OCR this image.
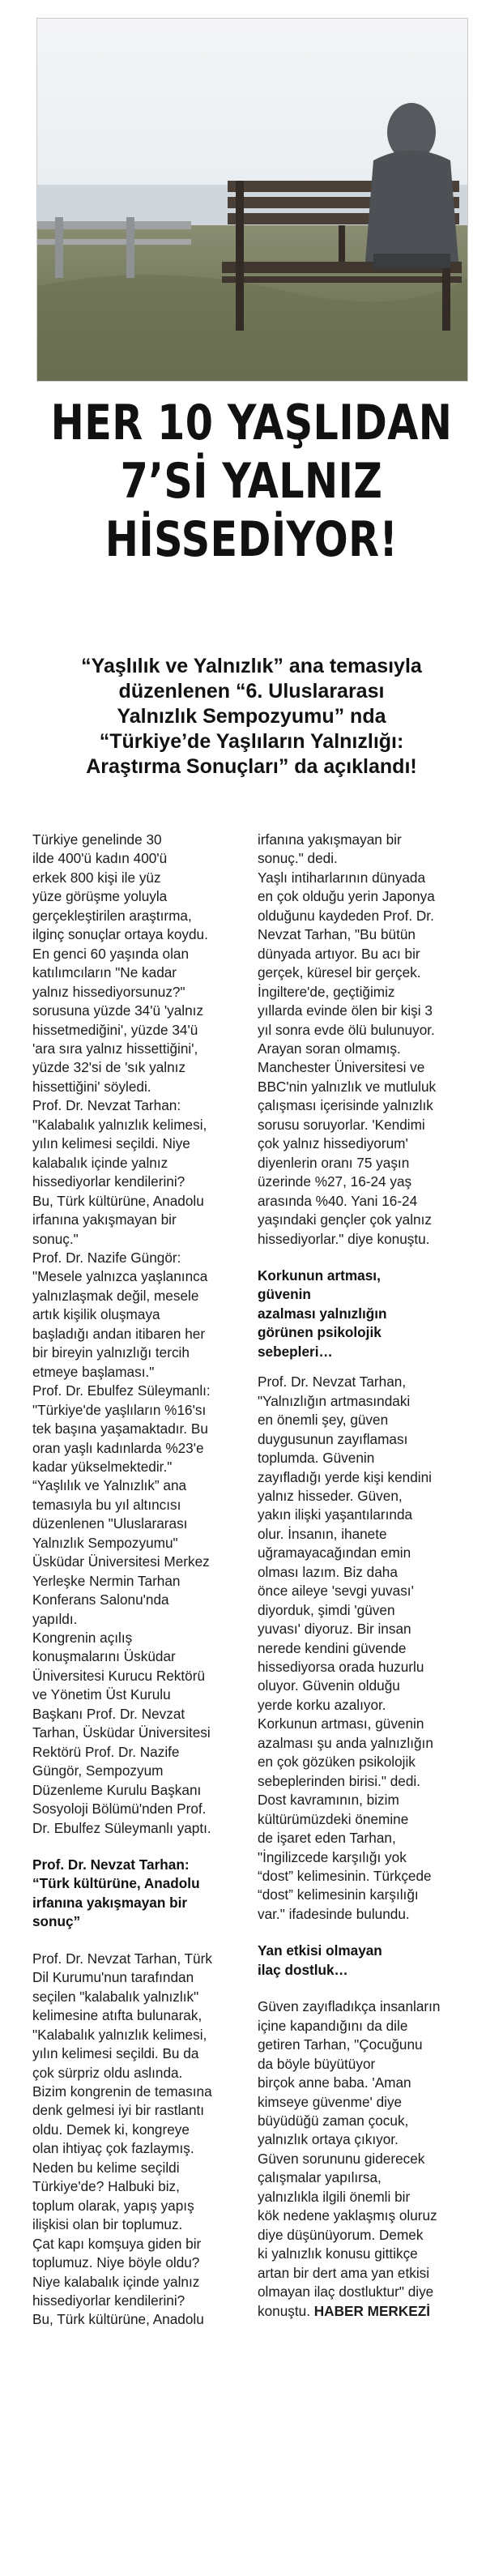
HER 10 YAŞLIDAN
7’Sİ YALNIZ
HİSSEDİYOR!
“Yaşlılık ve Yalnızlık” ana temasıyla
düzenlenen “6. Uluslararası
Yalnızlık Sempozyumu” nda
“Türkiye’de Yaşlıların Yalnızlığı:
Araştırma Sonuçları” da açıklandı!
Türkiye genelinde 30
ilde 400'ü kadın 400'ü
erkek 800 kişi ile yüz
yüze görüşme yoluyla
gerçekleştirilen araştırma,
ilginç sonuçlar ortaya koydu.
En genci 60 yaşında olan
katılımcıların "Ne kadar
yalnız hissediyorsunuz?"
sorusuna yüzde 34'ü 'yalnız
hissetmediğini', yüzde 34'ü
'ara sıra yalnız hissettiğini',
yüzde 32'si de 'sık yalnız
hissettiğini' söyledi.
Prof. Dr. Nevzat Tarhan:
"Kalabalık yalnızlık kelimesi,
yılın kelimesi seçildi. Niye
kalabalık içinde yalnız
hissediyorlar kendilerini?
Bu, Türk kültürüne, Anadolu
irfanına yakışmayan bir
sonuç."
Prof. Dr. Nazife Güngör:
"Mesele yalnızca yaşlanınca
yalnızlaşmak değil, mesele
artık kişilik oluşmaya
başladığı andan itibaren her
bir bireyin yalnızlığı tercih
etmeye başlaması."
Prof. Dr. Ebulfez Süleymanlı:
"Türkiye'de yaşlıların %16'sı
tek başına yaşamaktadır. Bu
oran yaşlı kadınlarda %23'e
kadar yükselmektedir."
“Yaşlılık ve Yalnızlık” ana
temasıyla bu yıl altıncısı
düzenlenen "Uluslararası
Yalnızlık Sempozyumu"
Üsküdar Üniversitesi Merkez
Yerleşke Nermin Tarhan
Konferans Salonu'nda
yapıldı.
Kongrenin açılış
konuşmalarını Üsküdar
Üniversitesi Kurucu Rektörü
ve Yönetim Üst Kurulu
Başkanı Prof. Dr. Nevzat
Tarhan, Üsküdar Üniversitesi
Rektörü Prof. Dr. Nazife
Güngör, Sempozyum
Düzenleme Kurulu Başkanı
Sosyoloji Bölümü'nden Prof.
Dr. Ebulfez Süleymanlı yaptı.
Prof. Dr. Nevzat Tarhan:
“Türk kültürüne, Anadolu
irfanına yakışmayan bir
sonuç”
Prof. Dr. Nevzat Tarhan, Türk
Dil Kurumu'nun tarafından
seçilen "kalabalık yalnızlık"
kelimesine atıfta bulunarak,
"Kalabalık yalnızlık kelimesi,
yılın kelimesi seçildi. Bu da
çok sürpriz oldu aslında.
Bizim kongrenin de temasına
denk gelmesi iyi bir rastlantı
oldu. Demek ki, kongreye
olan ihtiyaç çok fazlaymış.
Neden bu kelime seçildi
Türkiye'de? Halbuki biz,
toplum olarak, yapış yapış
ilişkisi olan bir toplumuz.
Çat kapı komşuya giden bir
toplumuz. Niye böyle oldu?
Niye kalabalık içinde yalnız
hissediyorlar kendilerini?
Bu, Türk kültürüne, Anadolu
irfanına yakışmayan bir
sonuç." dedi.
Yaşlı intiharlarının dünyada
en çok olduğu yerin Japonya
olduğunu kaydeden Prof. Dr.
Nevzat Tarhan, "Bu bütün
dünyada artıyor. Bu acı bir
gerçek, küresel bir gerçek.
İngiltere'de, geçtiğimiz
yıllarda evinde ölen bir kişi 3
yıl sonra evde ölü bulunuyor.
Arayan soran olmamış.
Manchester Üniversitesi ve
BBC'nin yalnızlık ve mutluluk
çalışması içerisinde yalnızlık
sorusu soruyorlar. 'Kendimi
çok yalnız hissediyorum'
diyenlerin oranı 75 yaşın
üzerinde %27, 16-24 yaş
arasında %40. Yani 16-24
yaşındaki gençler çok yalnız
hissediyorlar." diye konuştu.
Korkunun artması,
güvenin
azalması yalnızlığın
görünen psikolojik
sebepleri…
Prof. Dr. Nevzat Tarhan,
"Yalnızlığın artmasındaki
en önemli şey, güven
duygusunun zayıflaması
toplumda. Güvenin
zayıfladığı yerde kişi kendini
yalnız hisseder. Güven,
yakın ilişki yaşantılarında
olur. İnsanın, ihanete
uğramayacağından emin
olması lazım. Biz daha
önce aileye 'sevgi yuvası'
diyorduk, şimdi 'güven
yuvası' diyoruz. Bir insan
nerede kendini güvende
hissediyorsa orada huzurlu
oluyor. Güvenin olduğu
yerde korku azalıyor.
Korkunun artması, güvenin
azalması şu anda yalnızlığın
en çok gözüken psikolojik
sebeplerinden birisi." dedi.
Dost kavramının, bizim
kültürümüzdeki önemine
de işaret eden Tarhan,
"İngilizcede karşılığı yok
“dost” kelimesinin. Türkçede
“dost” kelimesinin karşılığı
var." ifadesinde bulundu.
Yan etkisi olmayan
ilaç dostluk…
Güven zayıfladıkça insanların
içine kapandığını da dile
getiren Tarhan, "Çocuğunu
da böyle büyütüyor
birçok anne baba. 'Aman
kimseye güvenme' diye
büyüdüğü zaman çocuk,
yalnızlık ortaya çıkıyor.
Güven sorununu giderecek
çalışmalar yapılırsa,
yalnızlıkla ilgili önemli bir
kök nedene yaklaşmış oluruz
diye düşünüyorum. Demek
ki yalnızlık konusu gittikçe
artan bir dert ama yan etkisi
olmayan ilaç dostluktur" diye
konuştu. HABER MERKEZİ
